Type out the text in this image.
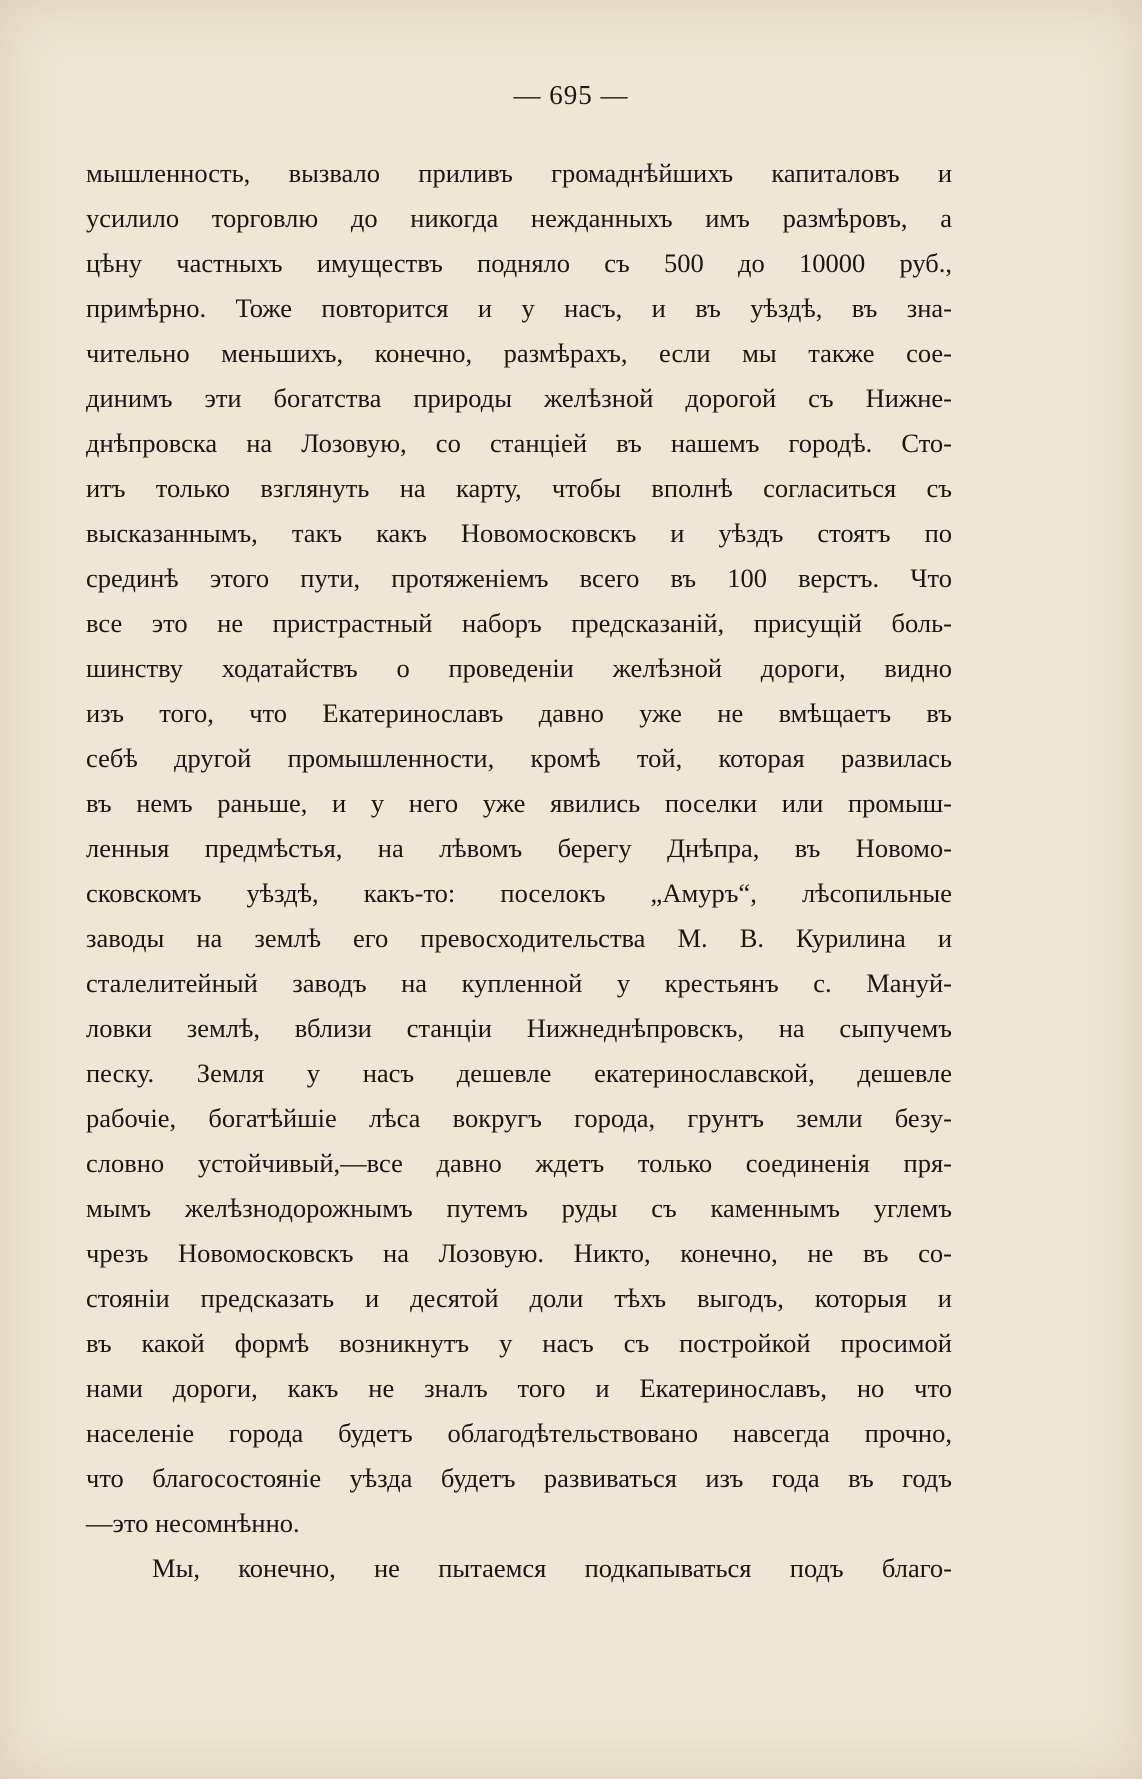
— 695 —
мышленность, вызвало приливъ громаднѣйшихъ капиталовъ и
усилило торговлю до никогда нежданныхъ имъ размѣровъ, а
цѣну частныхъ имуществъ подняло съ 500 до 10000 руб.,
примѣрно. Тоже повторится и у насъ, и въ уѣздѣ, въ зна-
чительно меньшихъ, конечно, размѣрахъ, если мы также сое-
динимъ эти богатства природы желѣзной дорогой съ Нижне-
днѣпровска на Лозовую, со станціей въ нашемъ городѣ. Сто-
итъ только взглянуть на карту, чтобы вполнѣ согласиться съ
высказаннымъ, такъ какъ Новомосковскъ и уѣздъ стоятъ по
срединѣ этого пути, протяженіемъ всего въ 100 верстъ. Что
все это не пристрастный наборъ предсказаній, присущій боль-
шинству ходатайствъ о проведеніи желѣзной дороги, видно
изъ того, что Екатеринославъ давно уже не вмѣщаетъ въ
себѣ другой промышленности, кромѣ той, которая развилась
въ немъ раньше, и у него уже явились поселки или промыш-
ленныя предмѣстья, на лѣвомъ берегу Днѣпра, въ Новомо-
сковскомъ уѣздѣ, какъ-то: поселокъ „Амуръ“, лѣсопильные
заводы на землѣ его превосходительства М. В. Курилина и
сталелитейный заводъ на купленной у крестьянъ с. Мануй-
ловки землѣ, вблизи станціи Нижнеднѣпровскъ, на сыпучемъ
песку. Земля у насъ дешевле екатеринославской, дешевле
рабочіе, богатѣйшіе лѣса вокругъ города, грунтъ земли безу-
словно устойчивый,—все давно ждетъ только соединенія пря-
мымъ желѣзнодорожнымъ путемъ руды съ каменнымъ углемъ
чрезъ Новомосковскъ на Лозовую. Никто, конечно, не въ со-
стояніи предсказать и десятой доли тѣхъ выгодъ, которыя и
въ какой формѣ возникнутъ у насъ съ постройкой просимой
нами дороги, какъ не зналъ того и Екатеринославъ, но что
населеніе города будетъ облагодѣтельствовано навсегда прочно,
что благосостояніе уѣзда будетъ развиваться изъ года въ годъ
—это несомнѣнно.
Мы, конечно, не пытаемся подкапываться подъ благо-
